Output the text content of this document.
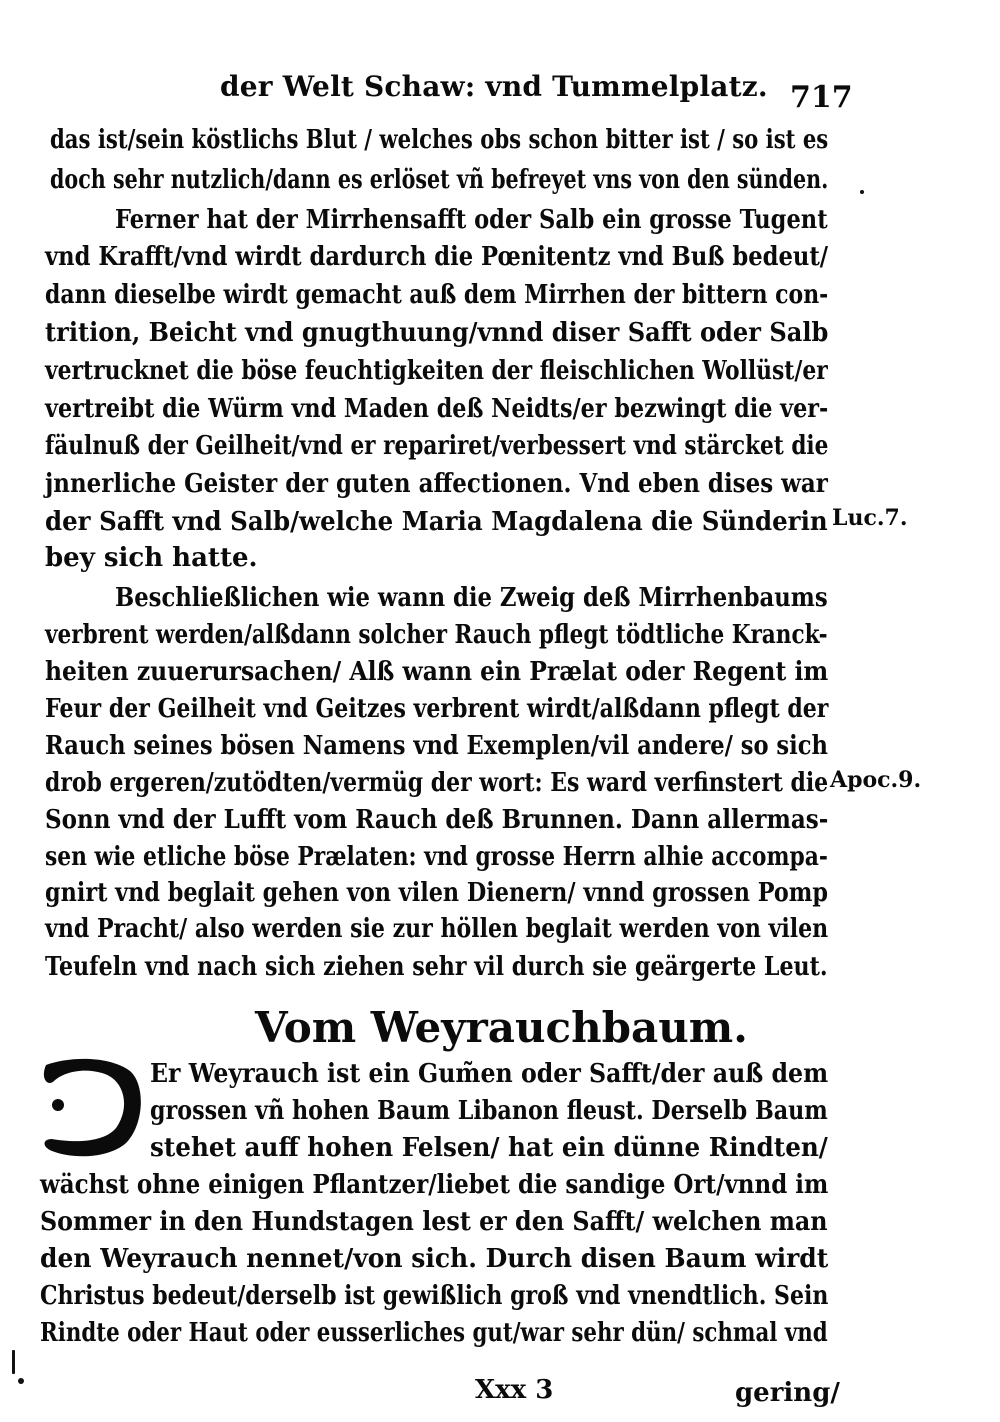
der Welt Schaw: vnd Tummelplatz. 717
das ist/sein köstlichs Blut / welches obs schon bitter ist / so ist es
doch sehr nutzlich/dann es erlöset vñ befreyet vns von den sünden.
Ferner hat der Mirrhensafft oder Salb ein grosse Tugent
vnd Krafft/vnd wirdt dardurch die Pœnitentz vnd Buß bedeut/
dann dieselbe wirdt gemacht auß dem Mirrhen der bittern con-
trition, Beicht vnd gnugthuung/vnnd diser Safft oder Salb
vertrucknet die böse feuchtigkeiten der fleischlichen Wollüst/er
vertreibt die Würm vnd Maden deß Neidts/er bezwingt die ver-
fäulnuß der Geilheit/vnd er repariret/verbessert vnd stärcket die
jnnerliche Geister der guten affectionen. Vnd eben dises war
der Safft vnd Salb/welche Maria Magdalena die Sünderin
bey sich hatte.
Beschließlichen wie wann die Zweig deß Mirrhenbaums
verbrent werden/alßdann solcher Rauch pflegt tödtliche Kranck-
heiten zuuerursachen/ Alß wann ein Prælat oder Regent im
Feur der Geilheit vnd Geitzes verbrent wirdt/alßdann pflegt der
Rauch seines bösen Namens vnd Exemplen/vil andere/ so sich
drob ergeren/zutödten/vermüg der wort: Es ward verfinstert die
Sonn vnd der Lufft vom Rauch deß Brunnen. Dann allermas-
sen wie etliche böse Prælaten: vnd grosse Herrn alhie accompa-
gnirt vnd beglait gehen von vilen Dienern/ vnnd grossen Pomp
vnd Pracht/ also werden sie zur höllen beglait werden von vilen
Teufeln vnd nach sich ziehen sehr vil durch sie geärgerte Leut.
Luc.7.
Apoc.9.
Vom Weyrauchbaum.
Er Weyrauch ist ein Gum̃en oder Safft/der auß dem
grossen vñ hohen Baum Libanon fleust. Derselb Baum
stehet auff hohen Felsen/ hat ein dünne Rindten/
wächst ohne einigen Pflantzer/liebet die sandige Ort/vnnd im
Sommer in den Hundstagen lest er den Safft/ welchen man
den Weyrauch nennet/von sich. Durch disen Baum wirdt
Christus bedeut/derselb ist gewißlich groß vnd vnendtlich. Sein
Rindte oder Haut oder eusserliches gut/war sehr dün/ schmal vnd
Xxx 3	gering/
